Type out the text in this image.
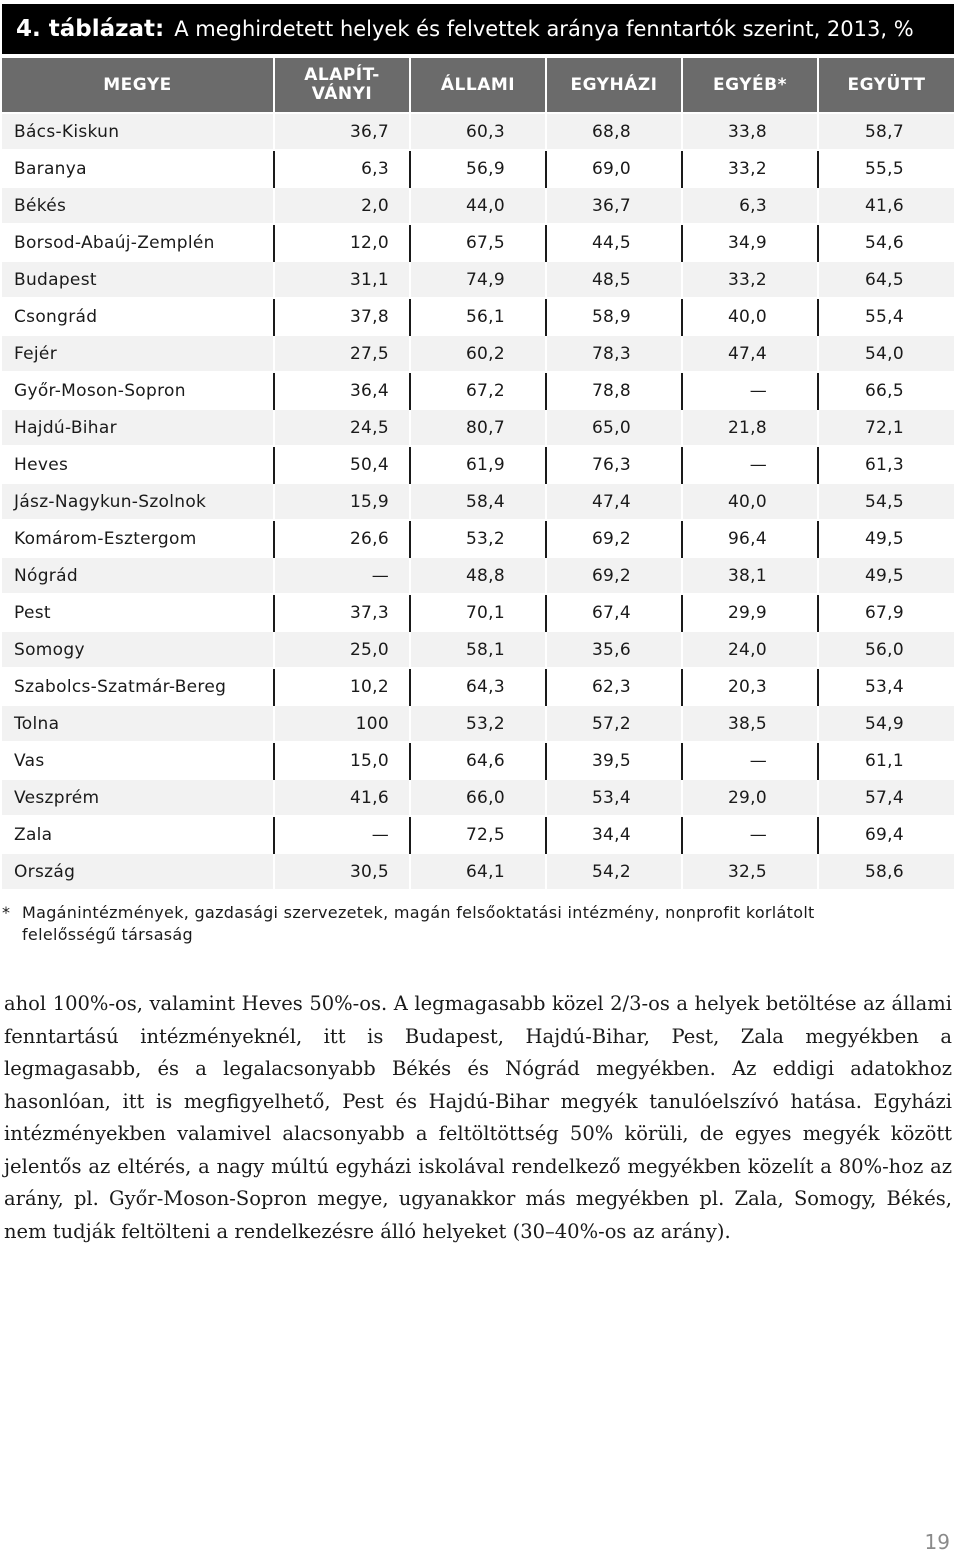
4. táblázat: A meghirdetett helyek és felvettek aránya fenntartók szerint, 2013, %
MEGYE	ALAPÍT-
VÁNYI	ÁLLAMI	EGYHÁZI	EGYÉB*	EGYÜTT
Bács-Kiskun	36,7	60,3	68,8	33,8	58,7
Baranya	6,3	56,9	69,0	33,2	55,5
Békés	2,0	44,0	36,7	6,3	41,6
Borsod-Abaúj-Zemplén	12,0	67,5	44,5	34,9	54,6
Budapest	31,1	74,9	48,5	33,2	64,5
Csongrád	37,8	56,1	58,9	40,0	55,4
Fejér	27,5	60,2	78,3	47,4	54,0
Győr-Moson-Sopron	36,4	67,2	78,8	—	66,5
Hajdú-Bihar	24,5	80,7	65,0	21,8	72,1
Heves	50,4	61,9	76,3	—	61,3
Jász-Nagykun-Szolnok	15,9	58,4	47,4	40,0	54,5
Komárom-Esztergom	26,6	53,2	69,2	96,4	49,5
Nógrád	—	48,8	69,2	38,1	49,5
Pest	37,3	70,1	67,4	29,9	67,9
Somogy	25,0	58,1	35,6	24,0	56,0
Szabolcs-Szatmár-Bereg	10,2	64,3	62,3	20,3	53,4
Tolna	100	53,2	57,2	38,5	54,9
Vas	15,0	64,6	39,5	—	61,1
Veszprém	41,6	66,0	53,4	29,0	57,4
Zala	—	72,5	34,4	—	69,4
Ország	30,5	64,1	54,2	32,5	58,6
* Magánintézmények, gazdasági szervezetek, magán felsőoktatási intézmény, nonprofit korlátolt felelősségű társaság

ahol 100%-os, valamint Heves 50%-os. A legmagasabb közel 2/3-os a helyek betöltése az állami fenntartású intézményeknél, itt is Budapest, Hajdú-Bihar, Pest, Zala megyékben a legmagasabb, és a legalacsonyabb Békés és Nógrád megyékben. Az eddigi adatokhoz hasonlóan, itt is megfigyelhető, Pest és Hajdú-Bihar megyék tanulóelszívó hatása. Egyházi intézményekben valamivel alacsonyabb a feltöltöttség 50% körüli, de egyes megyék között jelentős az eltérés, a nagy múltú egyházi iskolával rendelkező megyékben közelít a 80%-hoz az arány, pl. Győr-Moson-Sopron megye, ugyanakkor más megyékben pl. Zala, Somogy, Békés, nem tudják feltölteni a rendelkezésre álló helyeket (30–40%-os az arány).

19
